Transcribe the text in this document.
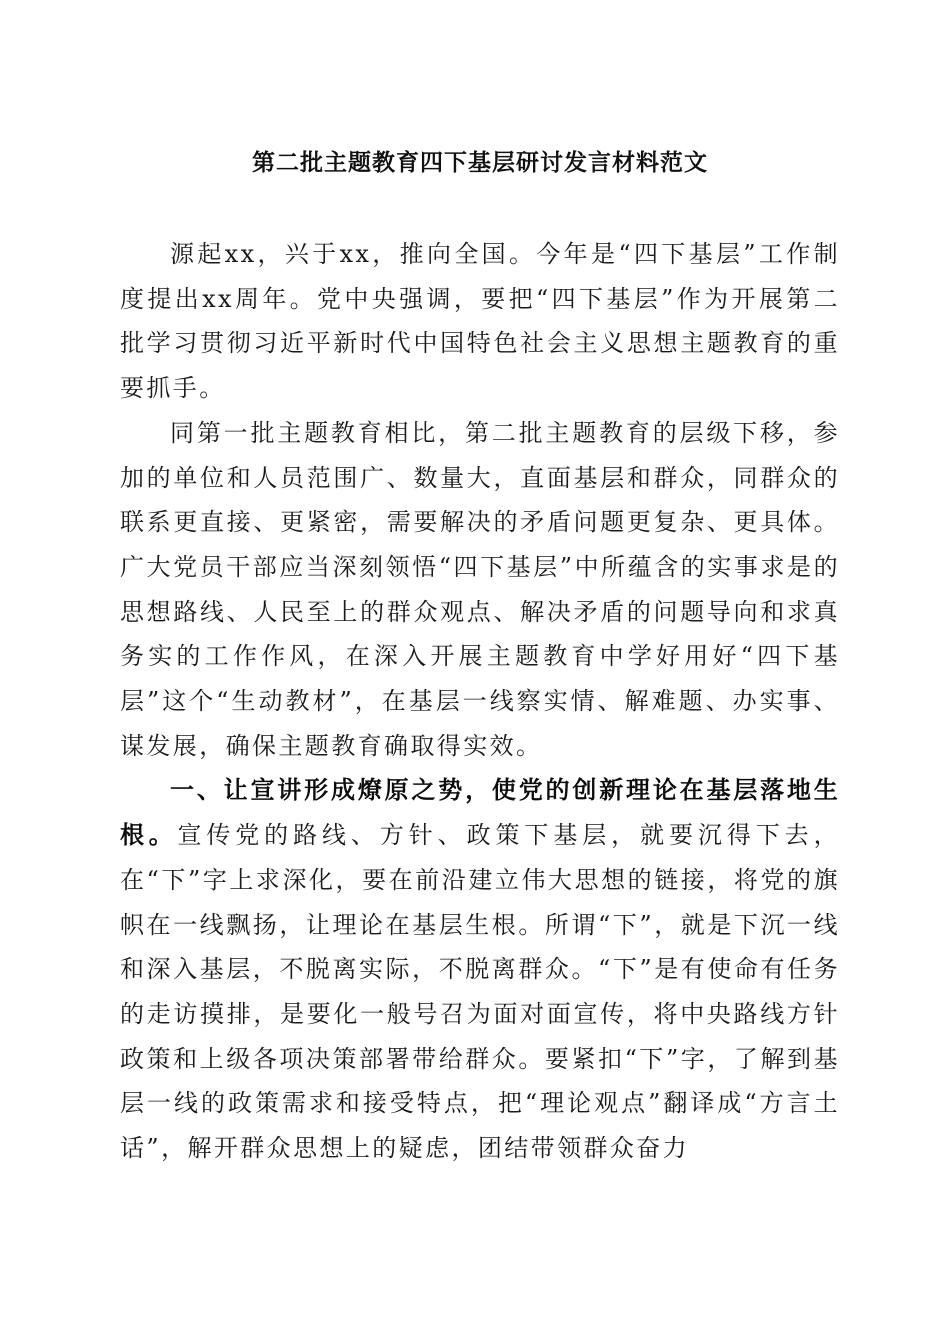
第二批主题教育四下基层研讨发言材料范文

源起xx，兴于xx，推向全国。今年是“四下基层”工作制度提出xx周年。党中央强调，要把“四下基层”作为开展第二批学习贯彻习近平新时代中国特色社会主义思想主题教育的重要抓手。

同第一批主题教育相比，第二批主题教育的层级下移，参加的单位和人员范围广、数量大，直面基层和群众，同群众的联系更直接、更紧密，需要解决的矛盾问题更复杂、更具体。广大党员干部应当深刻领悟“四下基层”中所蕴含的实事求是的思想路线、人民至上的群众观点、解决矛盾的问题导向和求真务实的工作作风，在深入开展主题教育中学好用好“四下基层”这个“生动教材”，在基层一线察实情、解难题、办实事、谋发展，确保主题教育确取得实效。

一、让宣讲形成燎原之势，使党的创新理论在基层落地生根。宣传党的路线、方针、政策下基层，就要沉得下去，在“下”字上求深化，要在前沿建立伟大思想的链接，将党的旗帜在一线飘扬，让理论在基层生根。所谓“下”，就是下沉一线和深入基层，不脱离实际，不脱离群众。“下”是有使命有任务的走访摸排，是要化一般号召为面对面宣传，将中央路线方针政策和上级各项决策部署带给群众。要紧扣“下”字，了解到基层一线的政策需求和接受特点，把“理论观点”翻译成“方言土话”，解开群众思想上的疑虑，团结带领群众奋力
